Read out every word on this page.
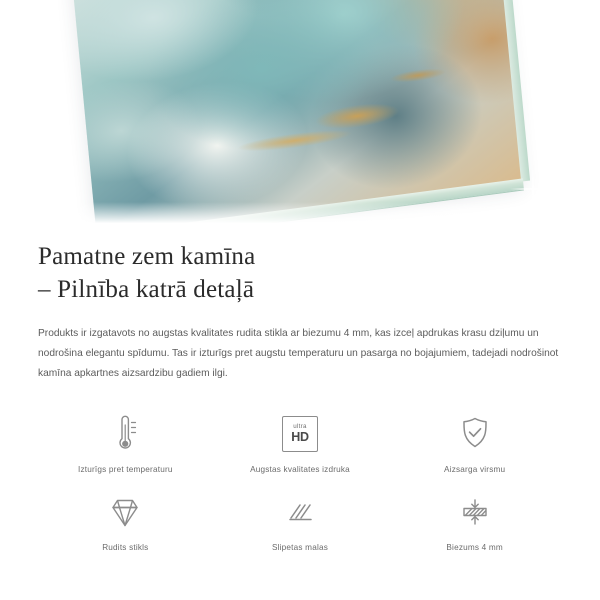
Pamatne zem kamīna
– Pilnība katrā detaļā

Produkts ir izgatavots no augstas kvalitates rudita stikla ar biezumu 4 mm, kas izceļ apdrukas krasu dziļumu un nodrošina elegantu spīdumu. Tas ir izturīgs pret augstu temperaturu un pasarga no bojajumiem, tadejadi nodrošinot kamīna apkartnes aizsardzibu gadiem ilgi.

Izturīgs pret temperaturu
ultra
HD
Augstas kvalitates izdruka	Aizsarga virsmu
Rudits stikls	Slipetas malas	Biezums 4 mm
